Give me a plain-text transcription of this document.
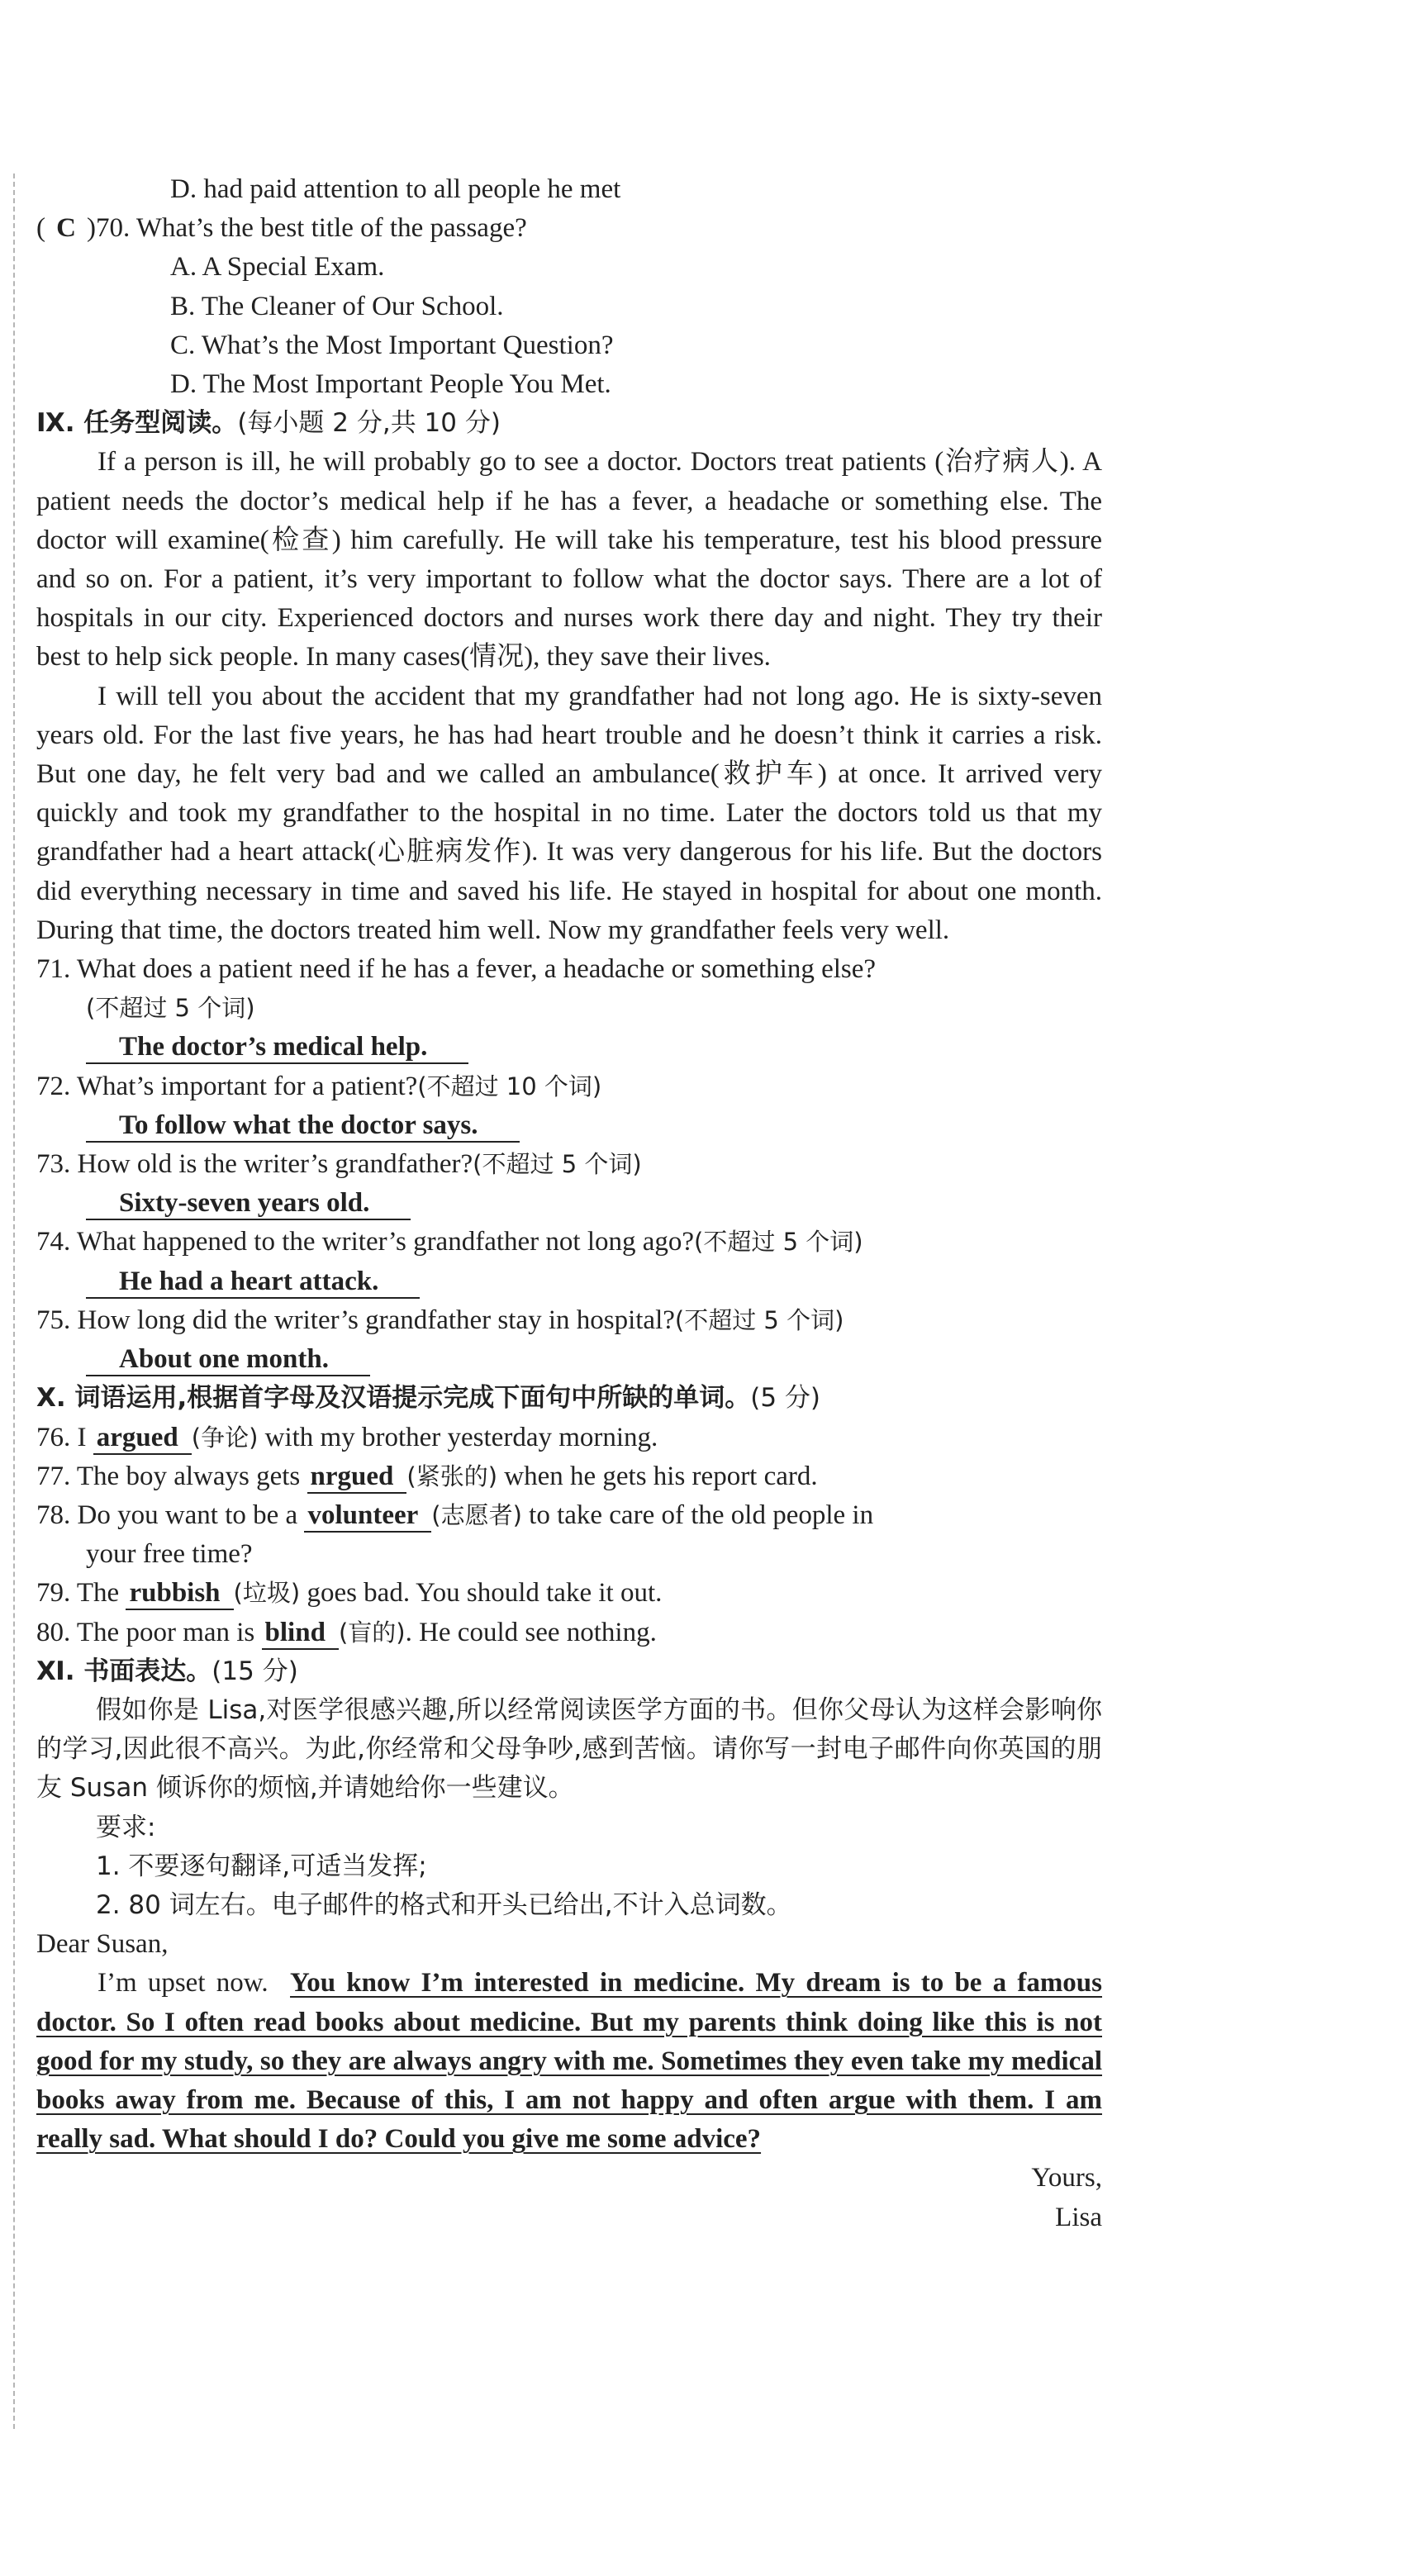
D. had paid attention to all people he met
( C )70. What’s the best title of the passage?
A. A Special Exam.
B. The Cleaner of Our School.
C. What’s the Most Important Question?
D. The Most Important People You Met.
Ⅸ. 任务型阅读。(每小题 2 分,共 10 分)
If a person is ill, he will probably go to see a doctor. Doctors treat patients (治疗病人). A patient needs the doctor’s medical help if he has a fever, a headache or something else. The doctor will examine(检查) him carefully. He will take his temperature, test his blood pressure and so on. For a patient, it’s very important to follow what the doctor says. There are a lot of hospitals in our city. Experienced doctors and nurses work there day and night. They try their best to help sick people. In many cases(情况), they save their lives.
I will tell you about the accident that my grandfather had not long ago. He is sixty-seven years old. For the last five years, he has had heart trouble and he doesn’t think it carries a risk. But one day, he felt very bad and we called an ambulance(救护车) at once. It arrived very quickly and took my grandfather to the hospital in no time. Later the doctors told us that my grandfather had a heart attack(心脏病发作). It was very dangerous for his life. But the doctors did everything necessary in time and saved his life. He stayed in hospital for about one month. During that time, the doctors treated him well. Now my grandfather feels very well.
71. What does a patient need if he has a fever, a headache or something else?
(不超过 5 个词)
The doctor’s medical help.
72. What’s important for a patient?(不超过 10 个词)
To follow what the doctor says.
73. How old is the writer’s grandfather?(不超过 5 个词)
Sixty-seven years old.
74. What happened to the writer’s grandfather not long ago?(不超过 5 个词)
He had a heart attack.
75. How long did the writer’s grandfather stay in hospital?(不超过 5 个词)
About one month.
Ⅹ. 词语运用,根据首字母及汉语提示完成下面句中所缺的单词。(5 分)
76. I argued (争论) with my brother yesterday morning.
77. The boy always gets nrgued (紧张的) when he gets his report card.
78. Do you want to be a volunteer (志愿者) to take care of the old people in
your free time?
79. The rubbish (垃圾) goes bad. You should take it out.
80. The poor man is blind (盲的). He could see nothing.
Ⅺ. 书面表达。(15 分)
假如你是 Lisa,对医学很感兴趣,所以经常阅读医学方面的书。但你父母认为这样会影响你的学习,因此很不高兴。为此,你经常和父母争吵,感到苦恼。请你写一封电子邮件向你英国的朋友 Susan 倾诉你的烦恼,并请她给你一些建议。
要求:
1. 不要逐句翻译,可适当发挥;
2. 80 词左右。电子邮件的格式和开头已给出,不计入总词数。
Dear Susan,
I’m upset now. You know I’m interested in medicine. My dream is to be a famous doctor. So I often read books about medicine. But my parents think doing like this is not good for my study, so they are always angry with me. Sometimes they even take my medical books away from me. Because of this, I am not happy and often argue with them. I am really sad. What should I do? Could you give me some advice?
Yours,
Lisa
